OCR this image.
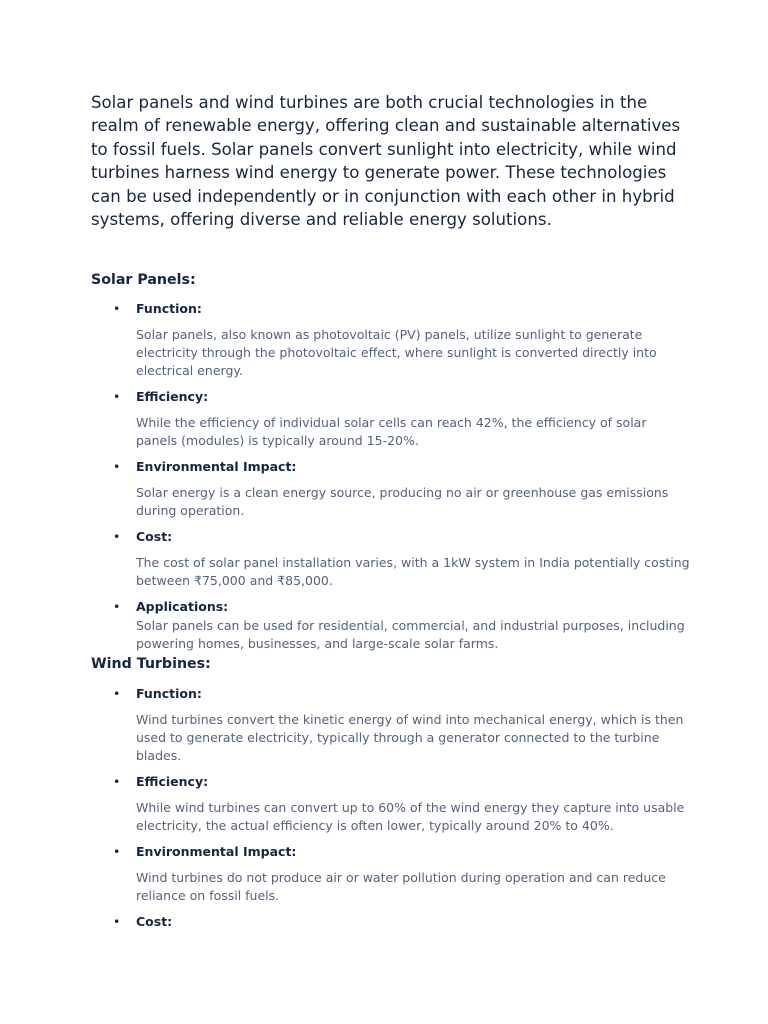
Solar panels and wind turbines are both crucial technologies in the realm of renewable energy, offering clean and sustainable alternatives to fossil fuels. Solar panels convert sunlight into electricity, while wind turbines harness wind energy to generate power. These technologies can be used independently or in conjunction with each other in hybrid systems, offering diverse and reliable energy solutions.

Solar Panels:
• Function:
Solar panels, also known as photovoltaic (PV) panels, utilize sunlight to generate electricity through the photovoltaic effect, where sunlight is converted directly into electrical energy.
• Efficiency:
While the efficiency of individual solar cells can reach 42%, the efficiency of solar panels (modules) is typically around 15-20%.
• Environmental Impact:
Solar energy is a clean energy source, producing no air or greenhouse gas emissions during operation.
• Cost:
The cost of solar panel installation varies, with a 1kW system in India potentially costing between ₹75,000 and ₹85,000.
• Applications:
Solar panels can be used for residential, commercial, and industrial purposes, including powering homes, businesses, and large-scale solar farms.
Wind Turbines:
• Function:
Wind turbines convert the kinetic energy of wind into mechanical energy, which is then used to generate electricity, typically through a generator connected to the turbine blades.
• Efficiency:
While wind turbines can convert up to 60% of the wind energy they capture into usable electricity, the actual efficiency is often lower, typically around 20% to 40%.
• Environmental Impact:
Wind turbines do not produce air or water pollution during operation and can reduce reliance on fossil fuels.
• Cost:
